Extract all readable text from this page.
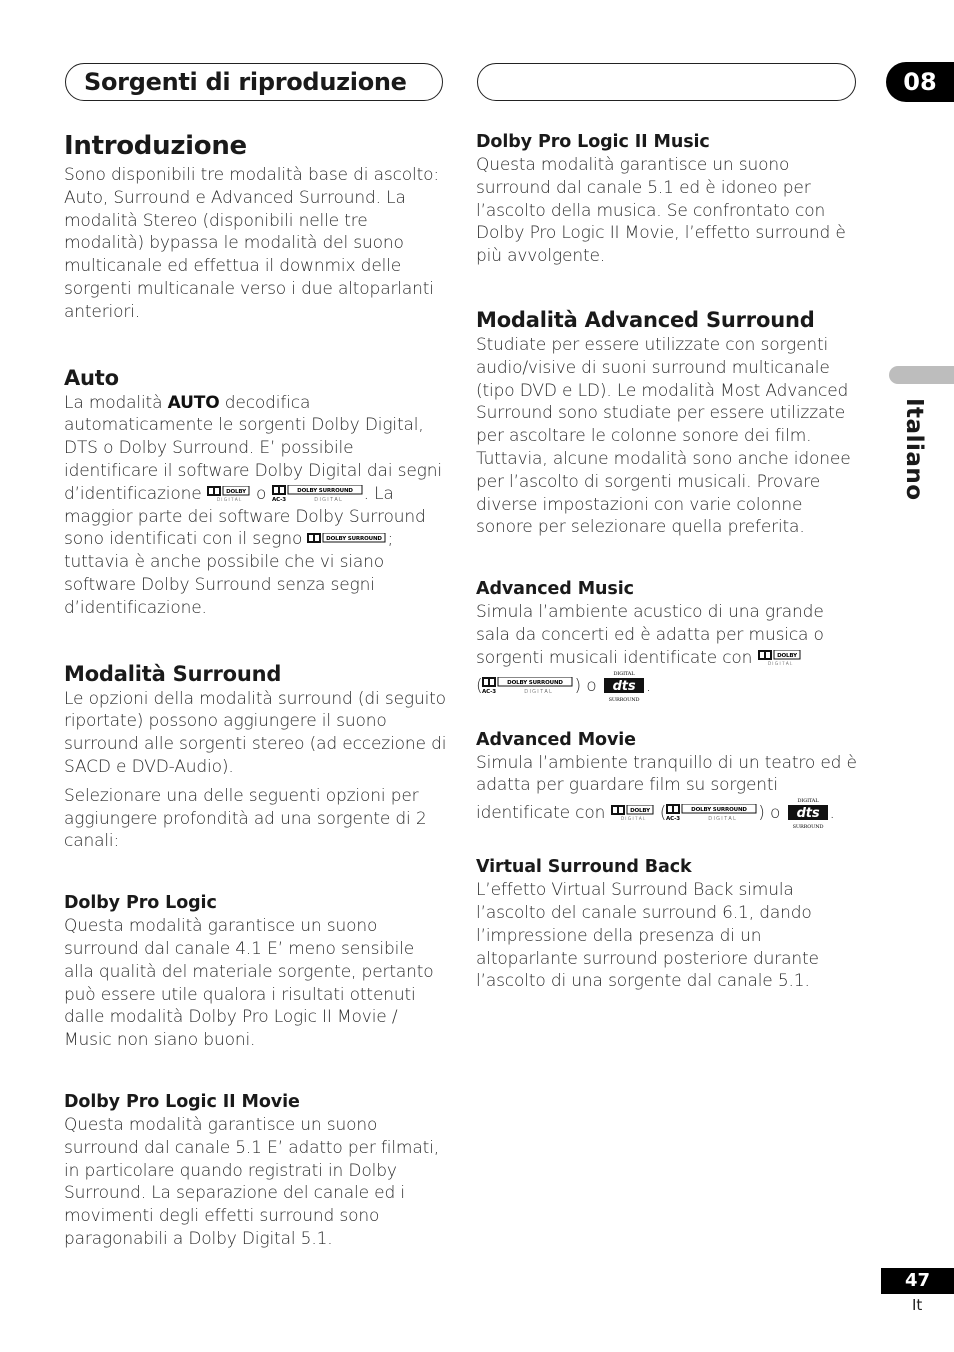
Sorgenti di riproduzione	08
Italiano
Introduzione

Sono disponibili tre modalità base di ascolto: Auto, Surround e Advanced Surround. La modalità Stereo (disponibili nelle tre modalità) bypassa le modalità del suono multicanale ed effettua il downmix delle sorgenti multicanale verso i due altoparlanti anteriori.

Auto

La modalità AUTO decodifica automaticamente le sorgenti Dolby Digital, DTS o Dolby Surround. E’ possibile identificare il software Dolby Digital dai segni d’identificazione	DOLBY
D I G I T A L o	DOLBY SURROUND
AC-3	D I G I T A L . La maggior parte dei software Dolby Surround sono identificati con il segno	DOLBY SURROUND ; tuttavia è anche possibile che vi siano software Dolby Surround senza segni d’identificazione.

Modalità Surround

Le opzioni della modalità surround (di seguito riportate) possono aggiungere il suono surround alle sorgenti stereo (ad eccezione di SACD e DVD-Audio).

Selezionare una delle seguenti opzioni per aggiungere profondità ad una sorgente di 2 canali:

Dolby Pro Logic

Questa modalità garantisce un suono surround dal canale 4.1 E’ meno sensibile alla qualità del materiale sorgente, pertanto può essere utile qualora i risultati ottenuti dalle modalità Dolby Pro Logic II Movie / Music non siano buoni.

Dolby Pro Logic II Movie

Questa modalità garantisce un suono surround dal canale 5.1 E’ adatto per filmati, in particolare quando registrati in Dolby Surround. La separazione del canale ed i movimenti degli effetti surround sono paragonabili a Dolby Digital 5.1.

Dolby Pro Logic II Music

Questa modalità garantisce un suono surround dal canale 5.1 ed è idoneo per l’ascolto della musica. Se confrontato con Dolby Pro Logic II Movie, l’effetto surround è più avvolgente.

Modalità Advanced Surround

Studiate per essere utilizzate con sorgenti audio/visive di suoni surround multicanale (tipo DVD e LD). Le modalità Most Advanced Surround sono studiate per essere utilizzate per ascoltare le colonne sonore dei film. Tuttavia, alcune modalità sono anche idonee per l’ascolto di sorgenti musicali. Provare diverse impostazioni con varie colonne sonore per selezionare quella preferita.

Advanced Music

Simula l’ambiente acustico di una grande sala da concerti ed è adatta per musica o sorgenti musicali identificate con	DOLBY
D I G I T A L

(	DOLBY SURROUND
AC-3	D I G I T A L ) o
DIGITAL
dts
SURROUND
.

Advanced Movie

Simula l’ambiente tranquillo di un teatro ed è adatta per guardare film su sorgenti identificate con	DOLBY
D I G I T A L (	DOLBY SURROUND
AC-3	D I G I T A L ) o
DIGITAL
dts
SURROUND
.

Virtual Surround Back

L’effetto Virtual Surround Back simula l’ascolto del canale surround 6.1, dando l’impressione della presenza di un altoparlante surround posteriore durante l’ascolto di una sorgente dal canale 5.1.

47
It
